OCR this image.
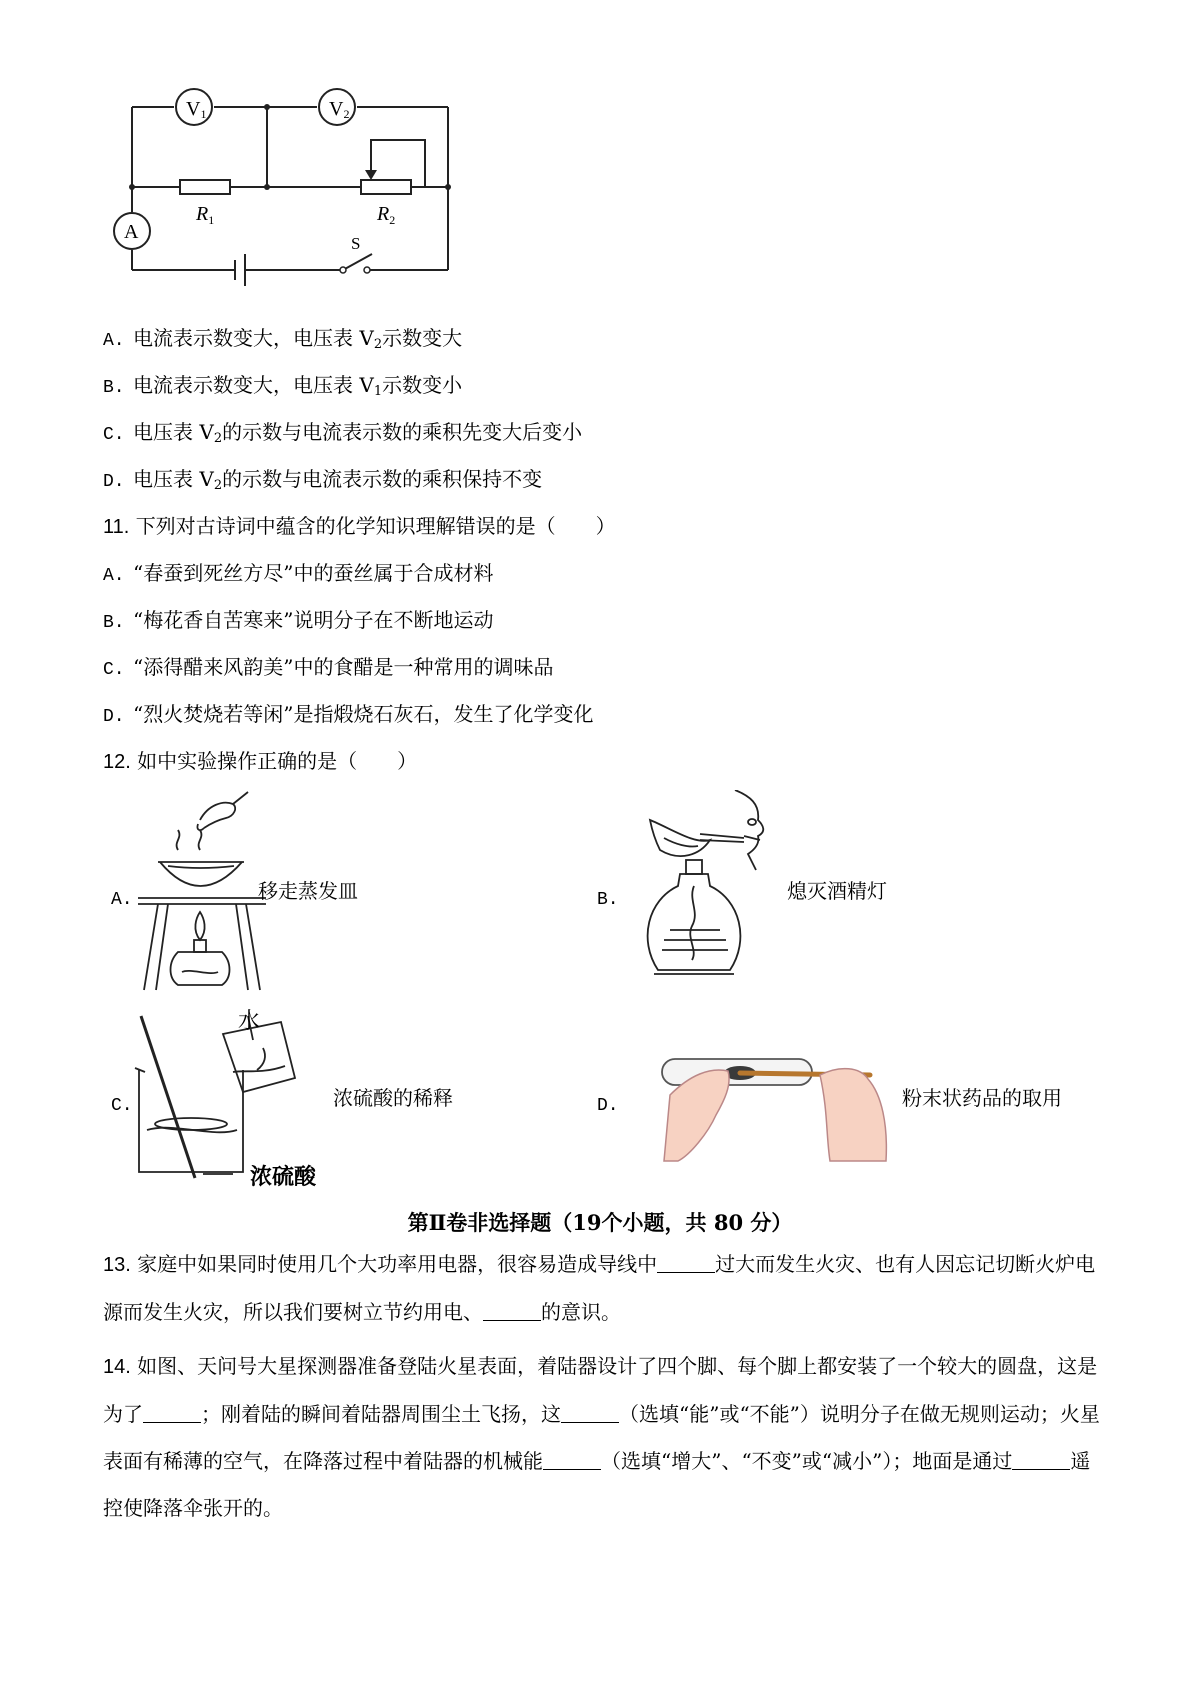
V1	V2
A
$R_1$	$R_2$
S
A. 电流表示数变大，电压表 $V_2$示数变大
B. 电流表示数变大，电压表 $V_1$示数变小
C. 电压表 $V_2$的示数与电流表示数的乘积先变大后变小
D. 电压表 $V_2$的示数与电流表示数的乘积保持不变
11. 下列对古诗词中蕴含的化学知识理解错误的是（　　）
A. “春蚕到死丝方尽”中的蚕丝属于合成材料
B. “梅花香自苦寒来”说明分子在不断地运动
C. “添得醋来风韵美”中的食醋是一种常用的调味品
D. “烈火焚烧若等闲”是指煅烧石灰石，发生了化学变化
12. 如中实验操作正确的是（　　）
A.	移走蒸发皿	B.	熄灭酒精灯
C.
水
浓硫酸
浓硫酸的稀释	D.	粉末状药品的取用
第Ⅱ卷非选择题（19个小题，共 80 分）
13. 家庭中如果同时使用几个大功率用电器，很容易造成导线中	过大而发生火灾、也有人因忘记切断火炉电源而发生火灾，所以我们要树立节约用电、	的意识。
14. 如图、天问号大星探测器准备登陆火星表面，着陆器设计了四个脚、每个脚上都安装了一个较大的圆盘，这是为了	；刚着陆的瞬间着陆器周围尘土飞扬，这	（选填“能”或“不能”）说明分子在做无规则运动；火星表面有稀薄的空气，在降落过程中着陆器的机械能	（选填“增大”、“不变”或“减小”）；地面是通过	遥控使降落伞张开的。
